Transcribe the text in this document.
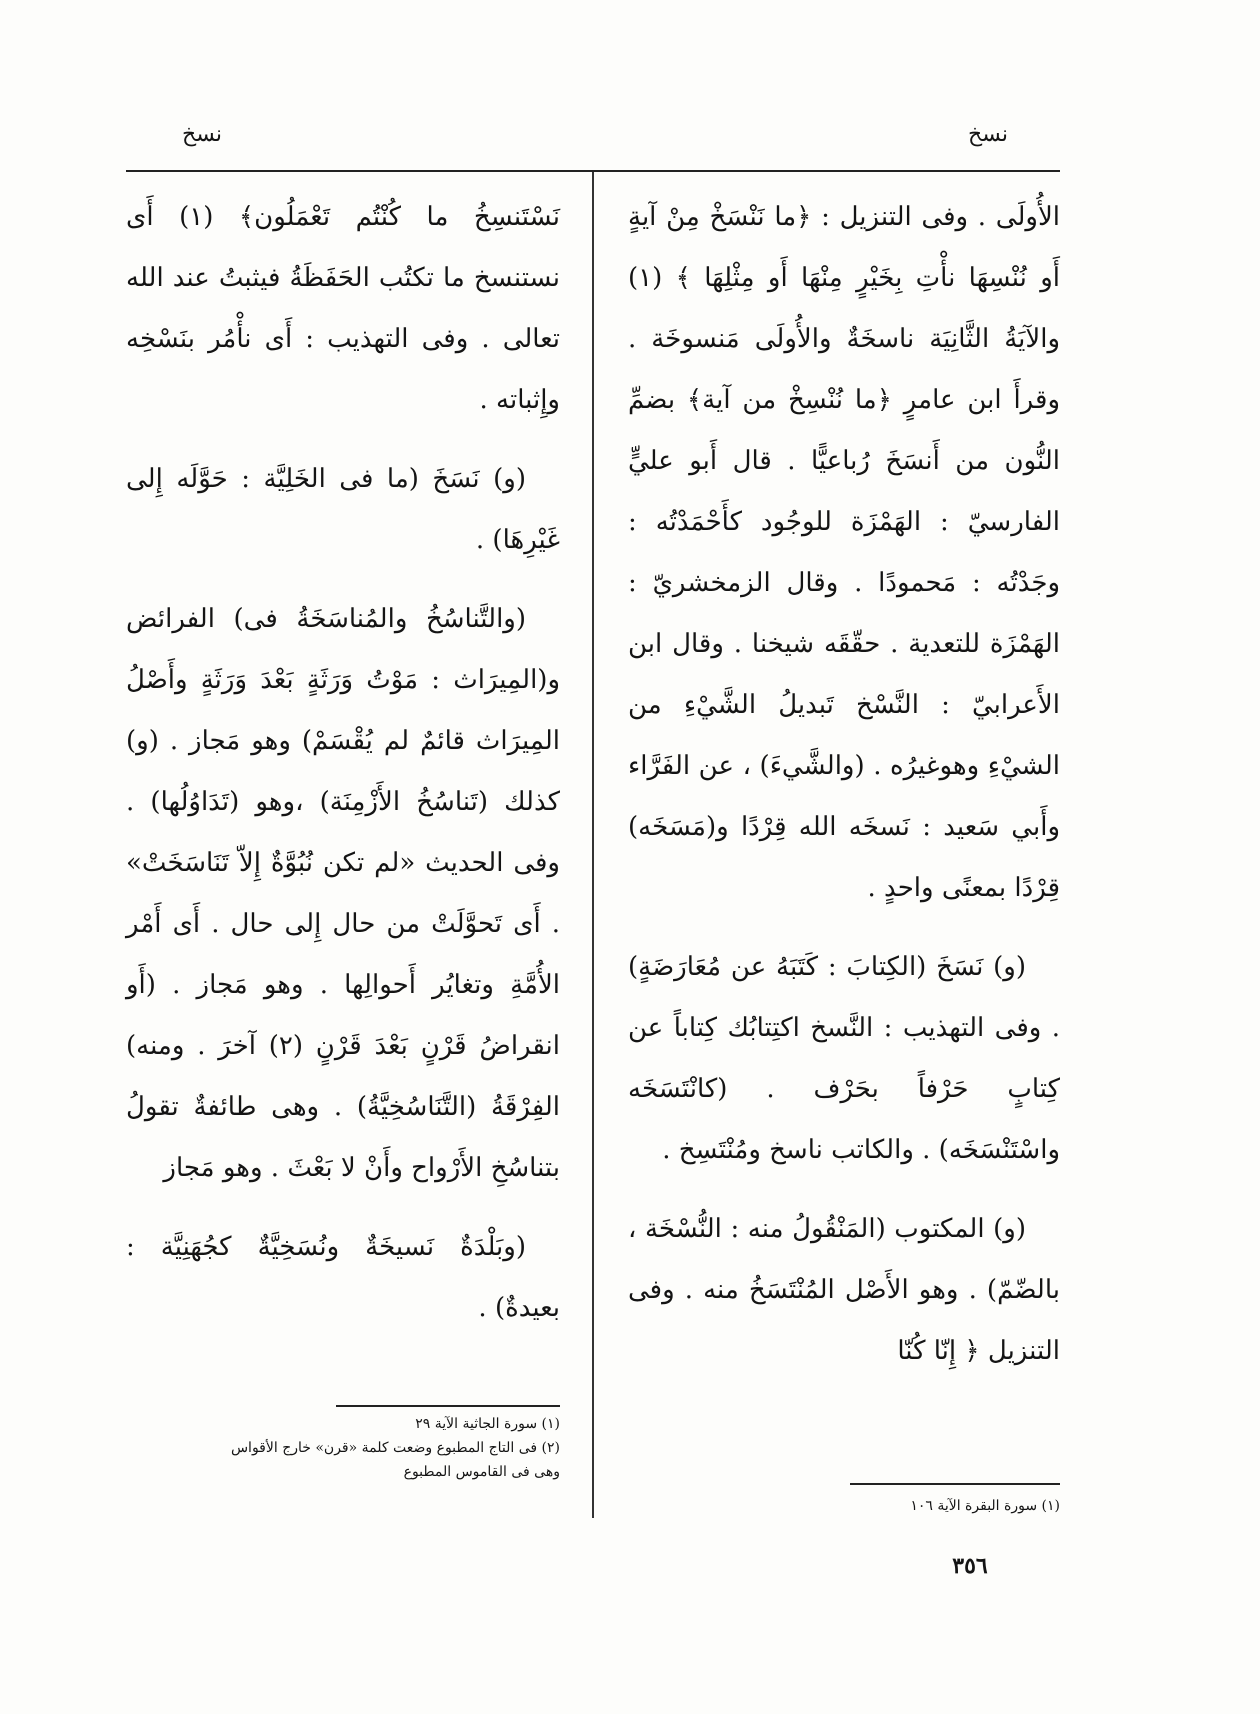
نسخ
نسخ

الأُولَى . وفى التنزيل : ﴿ما نَنْسَخْ مِنْ آيةٍ أَو نُنْسِهَا نأْتِ بِخَيْرٍ مِنْهَا أَو مِثْلِهَا ﴾ (١) والآيَةُ الثَّانِيَة ناسخَةٌ والأُولَى مَنسوخَة . وقرأَ ابن عامرٍ ﴿ما نُنْسِخْ من آية﴾ بضمِّ النُّون من أَنسَخَ رُباعيًّا . قال أَبو عليٍّ الفارسيّ : الهَمْزَة للوجُود كأَحْمَدْتُه : وجَدْتُه : مَحمودًا . وقال الزمخشريّ : الهَمْزَة للتعدية . حقّقَه شيخنا . وقال ابن الأَعرابيّ : النَّسْخ تَبديلُ الشَّيْءِ من الشيْءِ وهوغيرُه . (والشَّيءَ) ، عن الفَرَّاء وأَبي سَعيد : نَسخَه الله قِرْدًا و(مَسَخَه) قِرْدًا بمعنًى واحدٍ .

(و) نَسَخَ (الكِتابَ : كَتَبَهُ عن مُعَارَضَةٍ) . وفى التهذيب : النَّسخ اكتِتابُك كِتاباً عن كِتابٍ حَرْفاً بحَرْف . (كانْتَسَخَه واسْتَنْسَخَه) . والكاتب ناسخ ومُنْتَسِخ .

(و) المكتوب (المَنْقُولُ منه : النُّسْخَة ، بالضّمّ) . وهو الأَصْل المُنْتَسَخُ منه . وفى التنزيل ﴿ إِنّا كُنّا

نَسْتَنسِخُ ما كُنْتُم تَعْمَلُون﴾ (١) أَى نستنسخ ما تكتُب الحَفَظَةُ فيثبتُ عند الله تعالى . وفى التهذيب : أَى نأْمُر بنَسْخِه وإِثباته .

(و) نَسَخَ (ما فى الخَلِيَّة : حَوَّلَه إِلى غَيْرِهَا) .

(والتَّناسُخُ والمُناسَخَةُ فى) الفرائض و(المِيرَاث : مَوْتُ وَرَثَةٍ بَعْدَ وَرَثَةٍ وأَصْلُ المِيرَاث قائمٌ لم يُقْسَمْ) وهو مَجاز . (و) كذلك (تَناسُخُ الأَزْمِنَة) ،وهو (تَدَاوُلُها) . وفى الحديث «لم تكن نُبُوَّةٌ إِلاّ تَنَاسَخَتْ» . أَى تَحوَّلَتْ من حال إِلى حال . أَى أَمْر الأُمَّةِ وتغايُر أَحوالِها . وهو مَجاز . (أَو انقراضُ قَرْنٍ بَعْدَ قَرْنٍ (٢) آخرَ . ومنه) الفِرْقَةُ (التَّنَاسُخِيَّةُ) . وهى طائفةٌ تقولُ بتناسُخِ الأَرْواح وأَنْ لا بَعْثَ . وهو مَجاز

(وبَلْدَةٌ نَسيخَةٌ ونُسَخِيَّةٌ كجُهَنِيَّة : بعيدةٌ) .

(١) سورة البقرة الآية ١٠٦
(١) سورة الجاثية الآية ٢٩
(٢) فى التاج المطبوع وضعت كلمة «قرن» خارج الأقواس
وهى فى القاموس المطبوع
٣٥٦
